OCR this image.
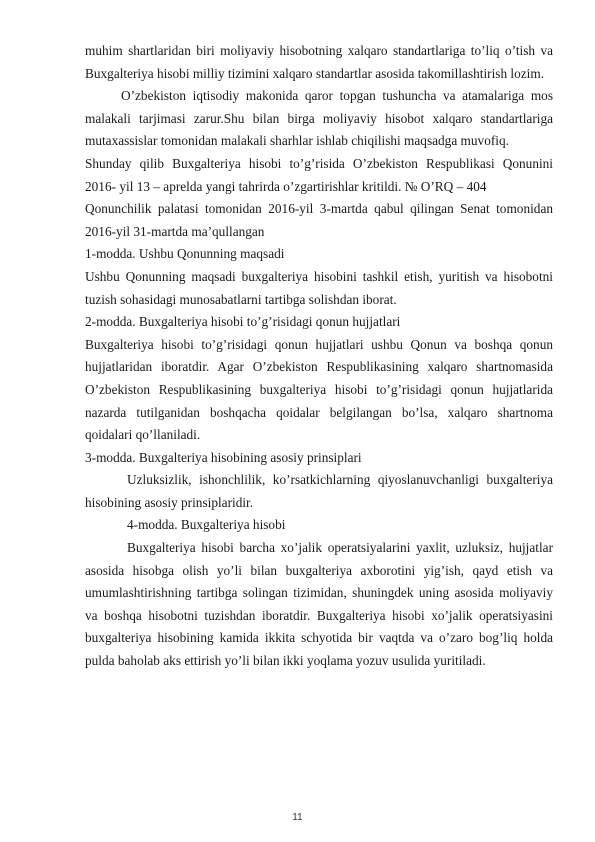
muhim shartlaridan biri moliyaviy hisobotning xalqaro standartlariga to’liq o’tish va Buxgalteriya hisobi milliy tizimini xalqaro standartlar asosida takomillashtirish lozim.

O’zbekiston iqtisodiy makonida qaror topgan tushuncha va atamalariga mos malakali tarjimasi zarur.Shu bilan birga moliyaviy hisobot xalqaro standartlariga mutaxassislar tomonidan malakali sharhlar ishlab chiqilishi maqsadga muvofiq.

Shunday qilib Buxgalteriya hisobi to’g’risida O’zbekiston Respublikasi Qonunini 2016- yil 13 – aprelda yangi tahrirda o’zgartirishlar kritildi. № O’RQ – 404

Qonunchilik palatasi tomonidan 2016-yil 3-martda qabul qilingan Senat tomonidan 2016-yil 31-martda ma’qullangan

1-modda. Ushbu Qonunning maqsadi

Ushbu Qonunning maqsadi buxgalteriya hisobini tashkil etish, yuritish va hisobotni tuzish sohasidagi munosabatlarni tartibga solishdan iborat.

2-modda. Buxgalteriya hisobi to’g’risidagi qonun hujjatlari

Buxgalteriya hisobi to’g’risidagi qonun hujjatlari ushbu Qonun va boshqa qonun hujjatlaridan iboratdir. Agar O’zbekiston Respublikasining xalqaro shartnomasida O’zbekiston Respublikasining buxgalteriya hisobi to’g’risidagi qonun hujjatlarida nazarda tutilganidan boshqacha qoidalar belgilangan bo’lsa, xalqaro shartnoma qoidalari qo’llaniladi.

3-modda. Buxgalteriya hisobining asosiy prinsiplari

Uzluksizlik, ishonchlilik, ko’rsatkichlarning qiyoslanuvchanligi buxgalteriya hisobining asosiy prinsiplaridir.

4-modda. Buxgalteriya hisobi

Buxgalteriya hisobi barcha xo’jalik operatsiyalarini yaxlit, uzluksiz, hujjatlar asosida hisobga olish yo’li bilan buxgalteriya axborotini yig’ish, qayd etish va umumlashtirishning tartibga solingan tizimidan, shuningdek uning asosida moliyaviy va boshqa hisobotni tuzishdan iboratdir. Buxgalteriya hisobi xo’jalik operatsiyasini buxgalteriya hisobining kamida ikkita schyotida bir vaqtda va o’zaro bog’liq holda pulda baholab aks ettirish yo’li bilan ikki yoqlama yozuv usulida yuritiladi.

11
